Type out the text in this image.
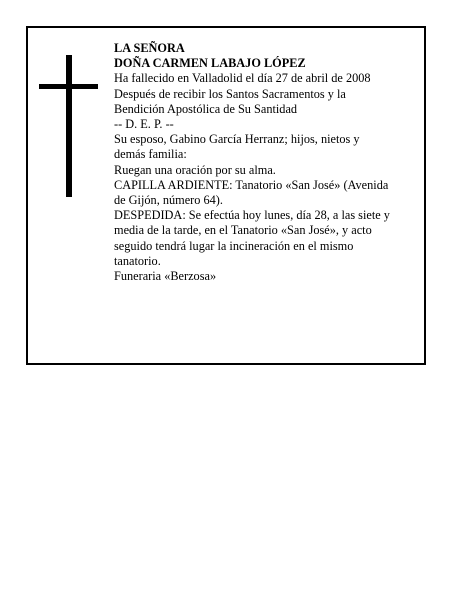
LA SEÑORA
DOÑA CARMEN LABAJO LÓPEZ
Ha fallecido en Valladolid el día 27 de abril de 2008
Después de recibir los Santos Sacramentos y la
Bendición Apostólica de Su Santidad
-- D. E. P. --
Su esposo, Gabino García Herranz; hijos, nietos y
demás familia:
Ruegan una oración por su alma.
CAPILLA ARDIENTE: Tanatorio «San José» (Avenida
de Gijón, número 64).
DESPEDIDA: Se efectúa hoy lunes, día 28, a las siete y
media de la tarde, en el Tanatorio «San José», y acto
seguido tendrá lugar la incineración en el mismo
tanatorio.
Funeraria «Berzosa»
